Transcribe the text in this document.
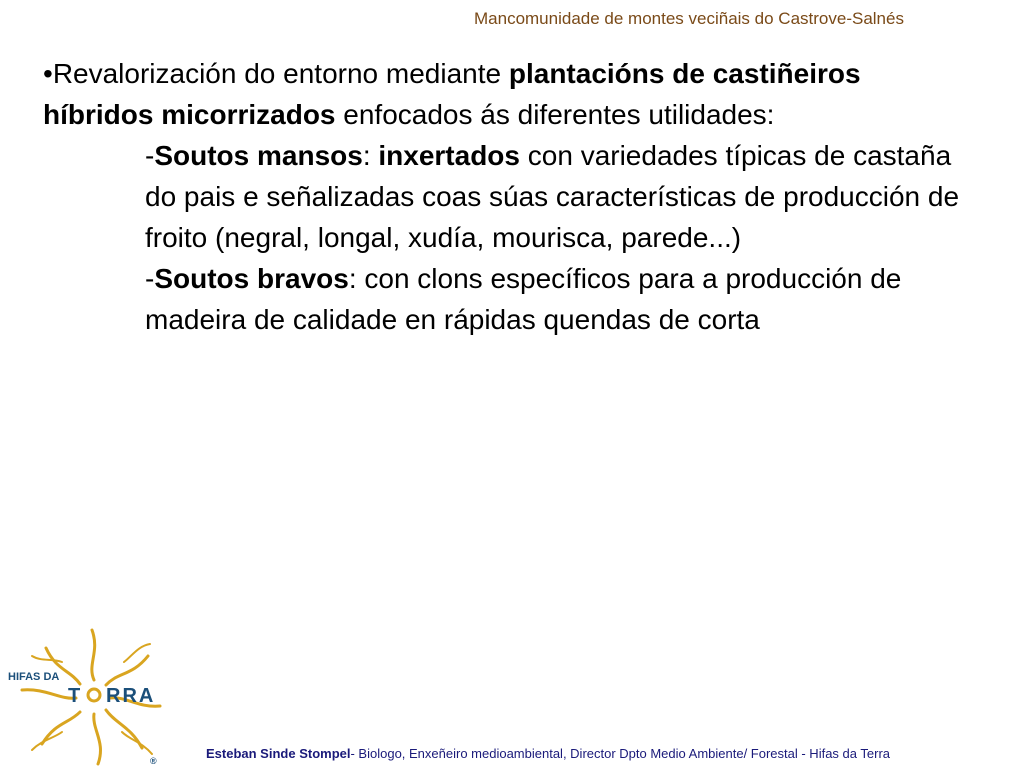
Mancomunidade de montes veciñais do Castrove-Salnés

•Revalorización do entorno mediante plantacións de castiñeiros híbridos micorrizados enfocados ás diferentes utilidades:

-Soutos mansos: inxertados con variedades típicas de castaña do pais e señalizadas coas súas características de producción de froito (negral, longal, xudía, mourisca, parede...)

-Soutos bravos: con clons específicos para a producción de madeira de calidade en rápidas quendas de corta

HIFAS DA
T RRA
®	Esteban Sinde Stompel- Biologo, Enxeñeiro medioambiental, Director Dpto Medio Ambiente/ Forestal - Hifas da Terra
